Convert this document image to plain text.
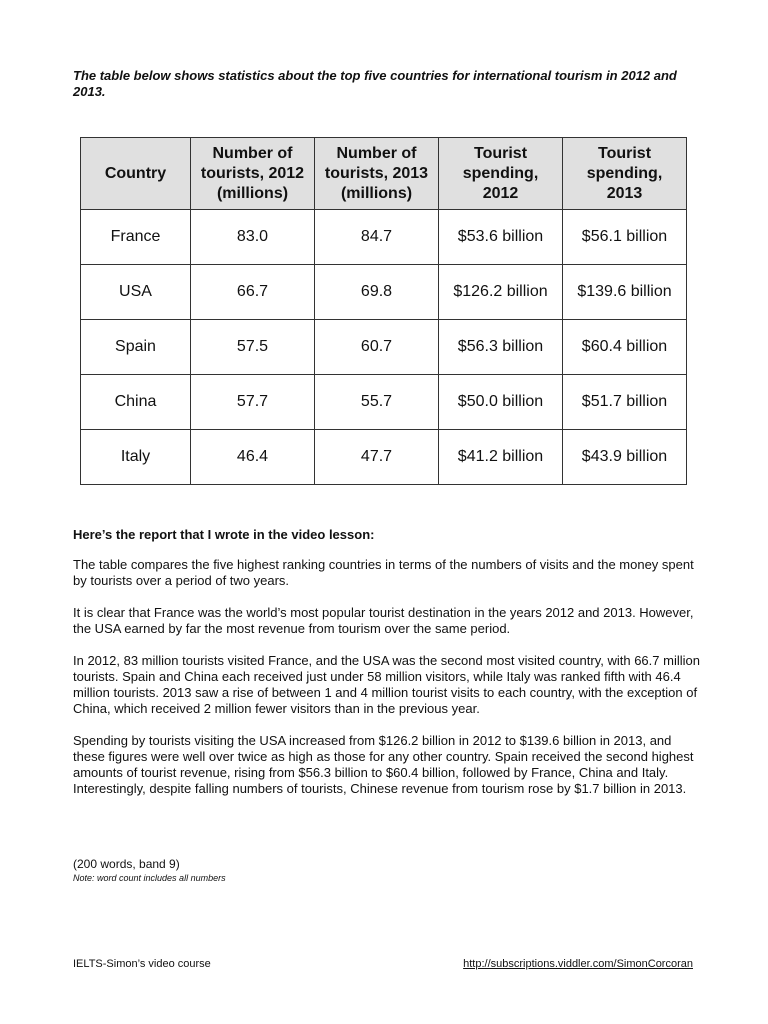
The table below shows statistics about the top five countries for international tourism in 2012 and 2013.

Country	Number of
tourists, 2012
(millions)	Number of
tourists, 2013
(millions)	Tourist
spending,
2012	Tourist
spending,
2013
France	83.0	84.7	$53.6 billion	$56.1 billion
USA	66.7	69.8	$126.2 billion	$139.6 billion
Spain	57.5	60.7	$56.3 billion	$60.4 billion
China	57.7	55.7	$50.0 billion	$51.7 billion
Italy	46.4	47.7	$41.2 billion	$43.9 billion

Here’s the report that I wrote in the video lesson:

The table compares the five highest ranking countries in terms of the numbers of visits and the money spent by tourists over a period of two years.

It is clear that France was the world’s most popular tourist destination in the years 2012 and 2013. However, the USA earned by far the most revenue from tourism over the same period.

In 2012, 83 million tourists visited France, and the USA was the second most visited country, with 66.7 million tourists. Spain and China each received just under 58 million visitors, while Italy was ranked fifth with 46.4 million tourists. 2013 saw a rise of between 1 and 4 million tourist visits to each country, with the exception of China, which received 2 million fewer visitors than in the previous year.

Spending by tourists visiting the USA increased from $126.2 billion in 2012 to $139.6 billion in 2013, and these figures were well over twice as high as those for any other country. Spain received the second highest amounts of tourist revenue, rising from $56.3 billion to $60.4 billion, followed by France, China and Italy. Interestingly, despite falling numbers of tourists, Chinese revenue from tourism rose by $1.7 billion in 2013.

(200 words, band 9)

Note: word count includes all numbers

IELTS-Simon’s video course	http://subscriptions.viddler.com/SimonCorcoran
